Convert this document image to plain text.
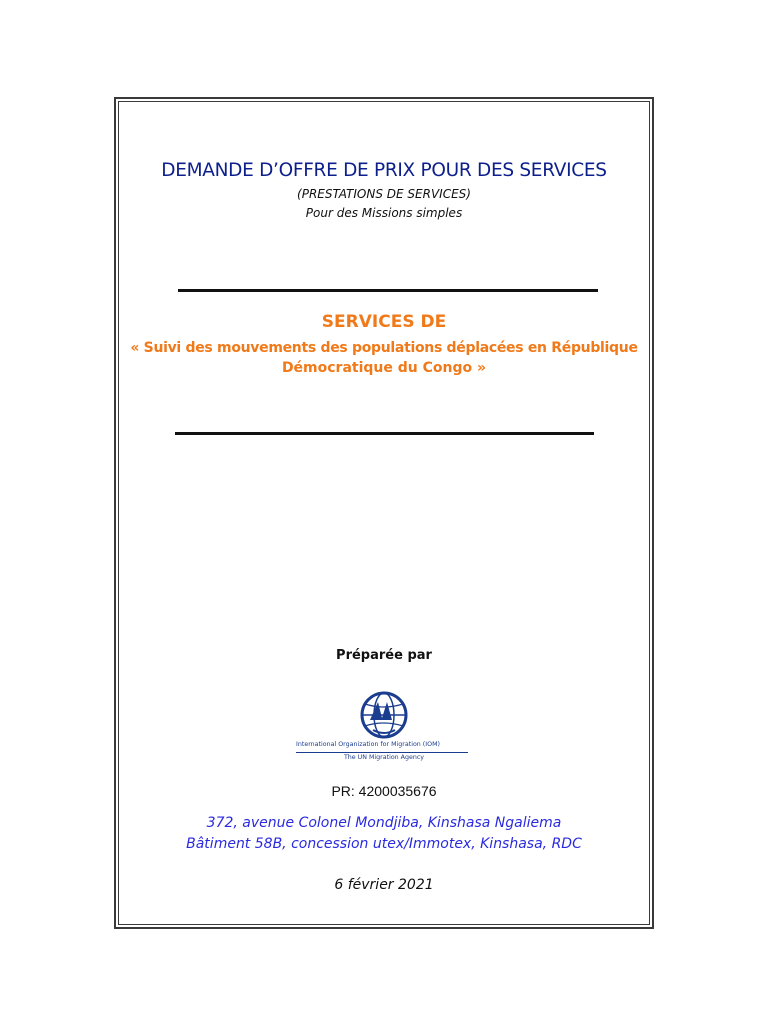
DEMANDE D’OFFRE DE PRIX POUR DES SERVICES

(PRESTATIONS DE SERVICES)

Pour des Missions simples

SERVICES DE

« Suivi des mouvements des populations déplacées en République

Démocratique du Congo »

Préparée par

International Organization for Migration (IOM)
The UN Migration Agency

PR: 4200035676

372, avenue Colonel Mondjiba, Kinshasa Ngaliema

Bâtiment 58B, concession utex/Immotex, Kinshasa, RDC

6 février 2021
